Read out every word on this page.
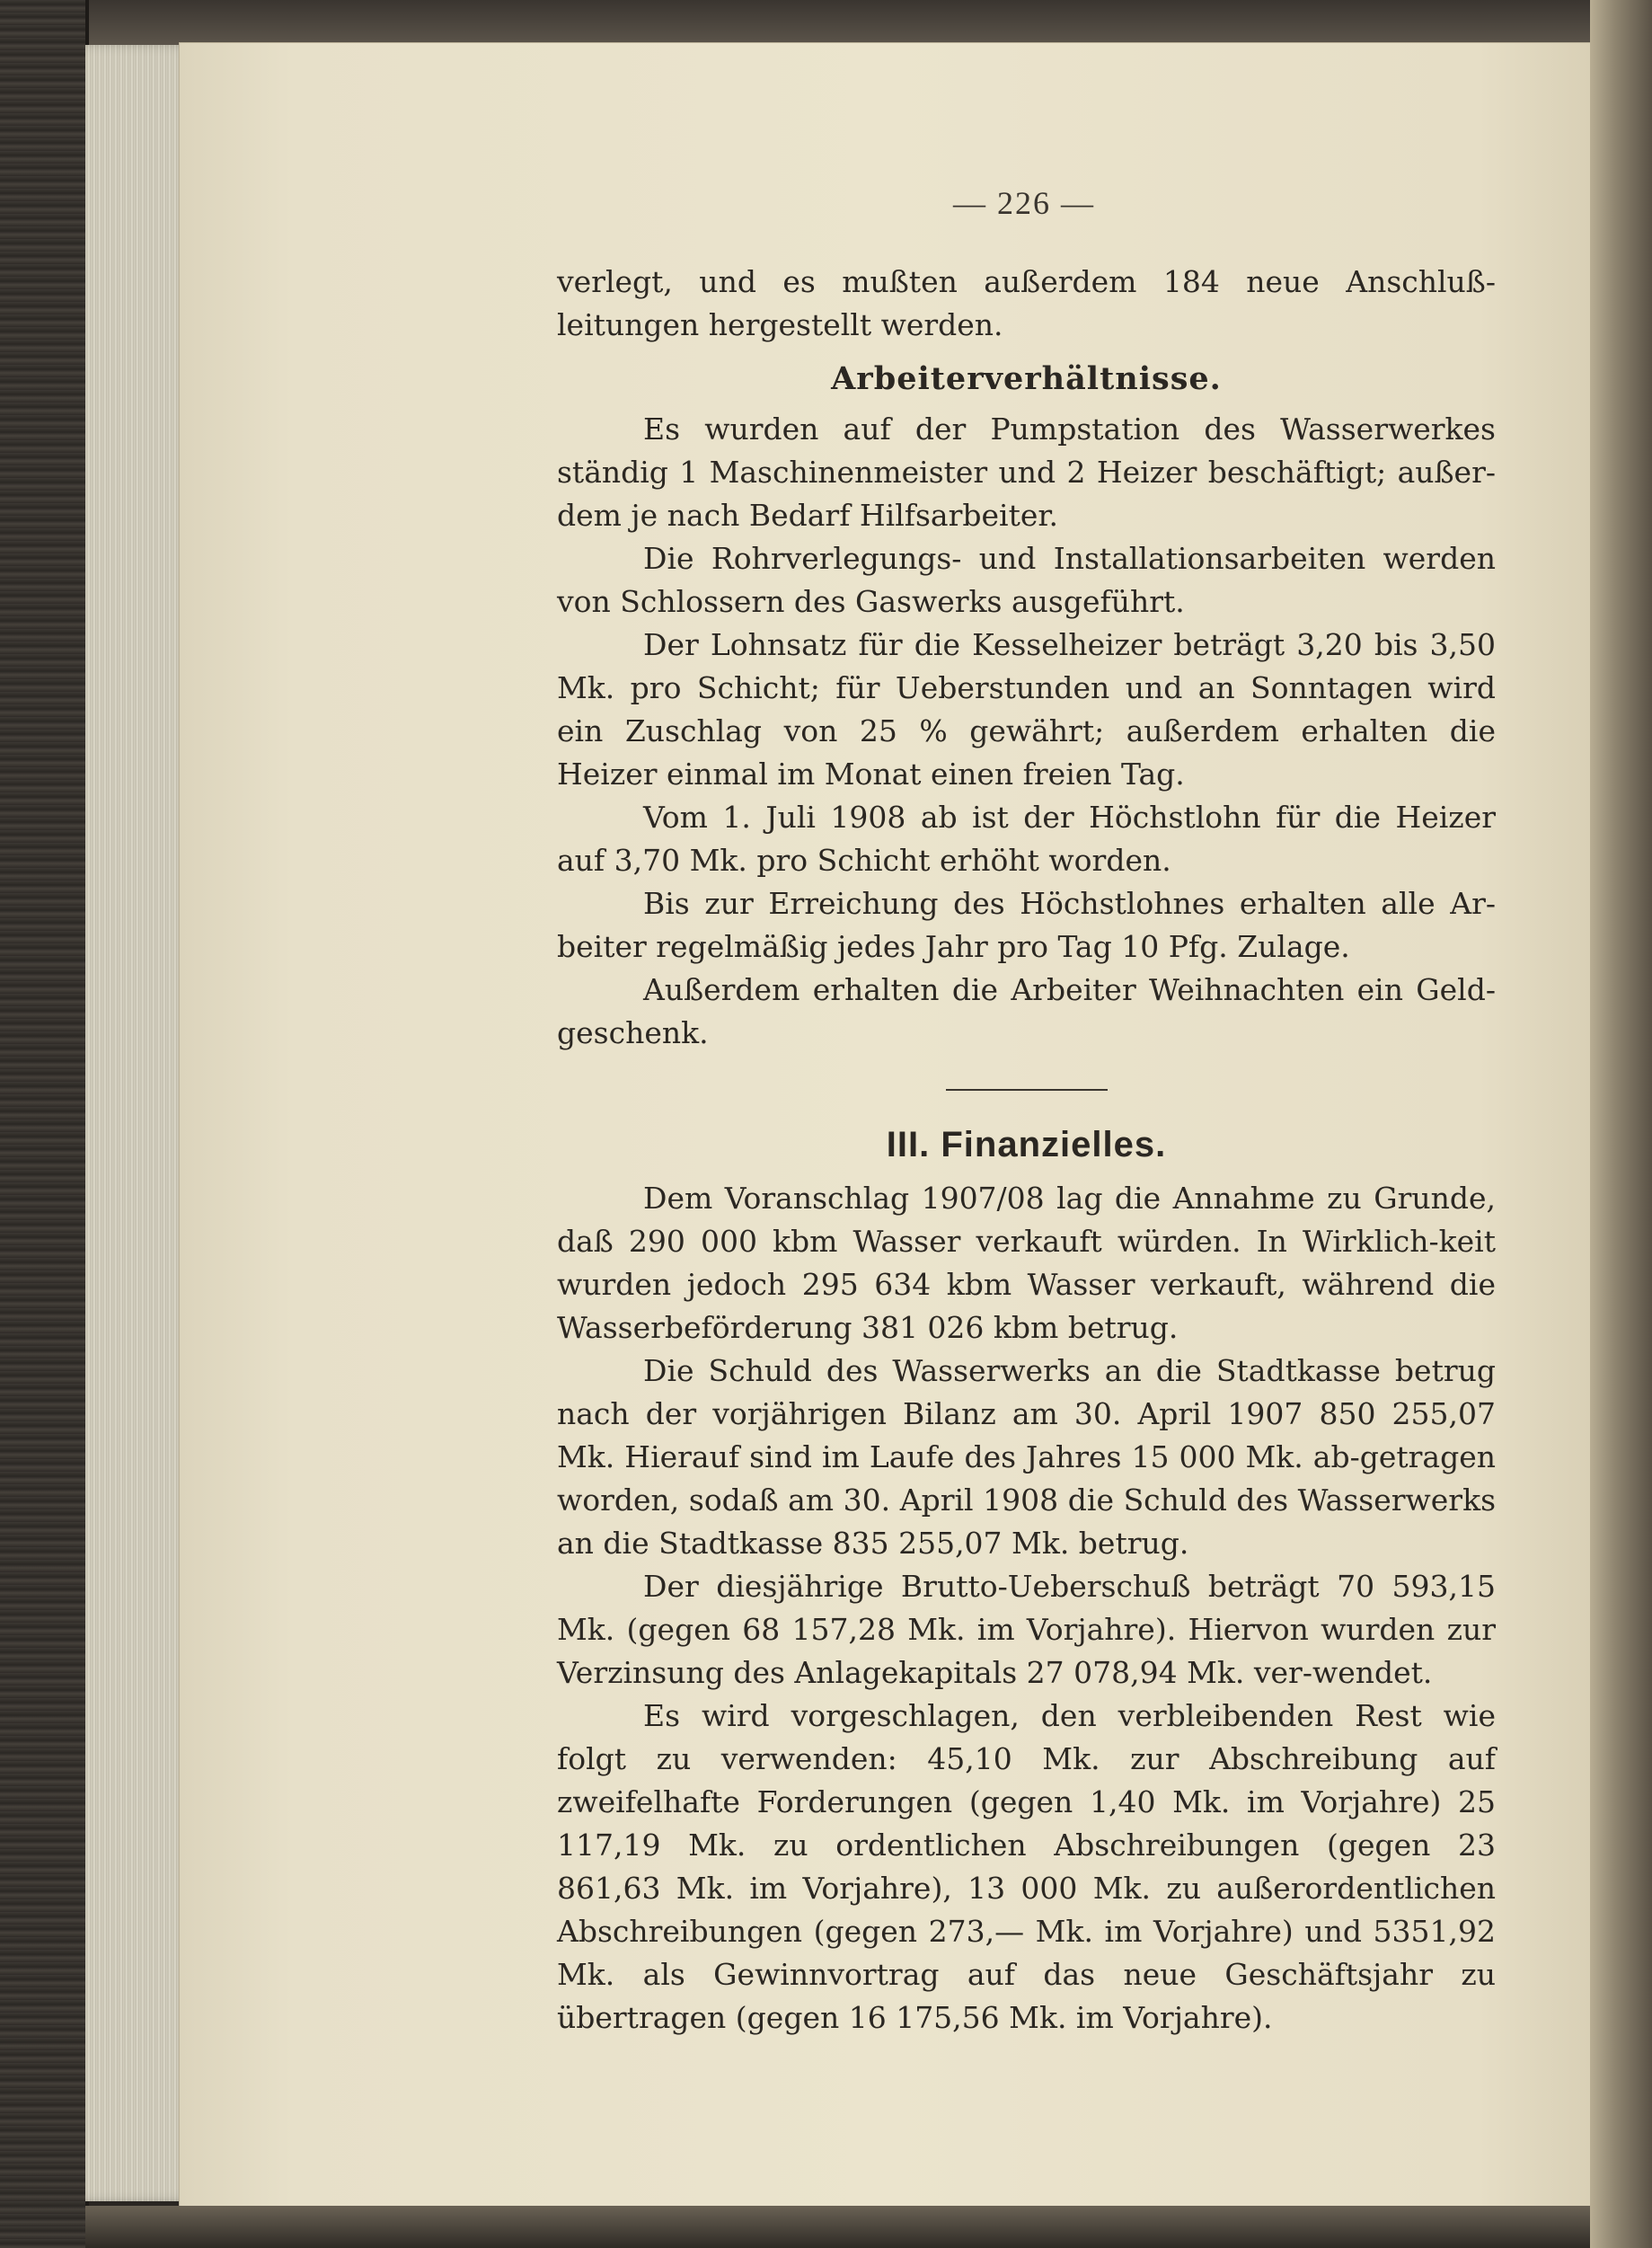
— 226 —

verlegt, und es mußten außerdem 184 neue Anschluß-leitungen hergestellt werden.

Arbeiterverhältnisse.

Es wurden auf der Pumpstation des Wasserwerkes ständig 1 Maschinenmeister und 2 Heizer beschäftigt; außer-dem je nach Bedarf Hilfsarbeiter.

Die Rohrverlegungs- und Installationsarbeiten werden von Schlossern des Gaswerks ausgeführt.

Der Lohnsatz für die Kesselheizer beträgt 3,20 bis 3,50 Mk. pro Schicht; für Ueberstunden und an Sonntagen wird ein Zuschlag von 25 % gewährt; außerdem erhalten die Heizer einmal im Monat einen freien Tag.

Vom 1. Juli 1908 ab ist der Höchstlohn für die Heizer auf 3,70 Mk. pro Schicht erhöht worden.

Bis zur Erreichung des Höchstlohnes erhalten alle Ar-beiter regelmäßig jedes Jahr pro Tag 10 Pfg. Zulage.

Außerdem erhalten die Arbeiter Weihnachten ein Geld-geschenk.

III. Finanzielles.

Dem Voranschlag 1907/08 lag die Annahme zu Grunde, daß 290 000 kbm Wasser verkauft würden. In Wirklich-keit wurden jedoch 295 634 kbm Wasser verkauft, während die Wasserbeförderung 381 026 kbm betrug.

Die Schuld des Wasserwerks an die Stadtkasse betrug nach der vorjährigen Bilanz am 30. April 1907 850 255,07 Mk. Hierauf sind im Laufe des Jahres 15 000 Mk. ab-getragen worden, sodaß am 30. April 1908 die Schuld des Wasserwerks an die Stadtkasse 835 255,07 Mk. betrug.

Der diesjährige Brutto-Ueberschuß beträgt 70 593,15 Mk. (gegen 68 157,28 Mk. im Vorjahre). Hiervon wurden zur Verzinsung des Anlagekapitals 27 078,94 Mk. ver-wendet.

Es wird vorgeschlagen, den verbleibenden Rest wie folgt zu verwenden: 45,10 Mk. zur Abschreibung auf zweifelhafte Forderungen (gegen 1,40 Mk. im Vorjahre) 25 117,19 Mk. zu ordentlichen Abschreibungen (gegen 23 861,63 Mk. im Vorjahre), 13 000 Mk. zu außerordentlichen Abschreibungen (gegen 273,— Mk. im Vorjahre) und 5351,92 Mk. als Gewinnvortrag auf das neue Geschäftsjahr zu übertragen (gegen 16 175,56 Mk. im Vorjahre).
